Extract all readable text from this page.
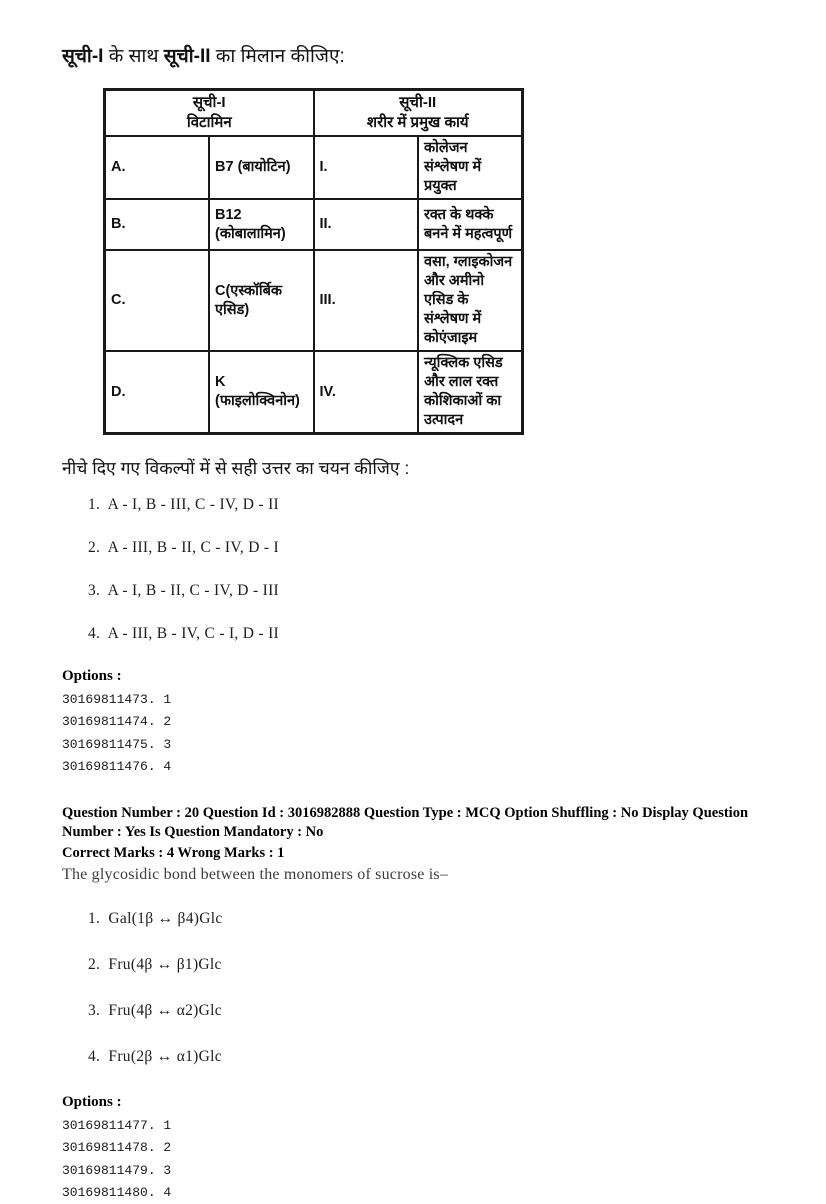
सूची-I के साथ सूची-II का मिलान कीजिए:
सूची-I
विटामिन

सूची-II
शरीर में प्रमुख कार्य

A.	B7 (बायोटिन)	I.	कोलेजन संश्लेषण में प्रयुक्त
B.	B12 (कोबालामिन)	II.	रक्त के थक्के बनने में महत्वपूर्ण
C.	C(एस्कॉर्बिक एसिड)	III.	वसा, ग्लाइकोजन और अमीनो एसिड के संश्लेषण में कोएंजाइम
D.	K (फाइलोक्विनोन)	IV.	न्यूक्लिक एसिड और लाल रक्त कोशिकाओं का उत्पादन
नीचे दिए गए विकल्पों में से सही उत्तर का चयन कीजिए :
1. A - I, B - III, C - IV, D - II
2. A - III, B - II, C - IV, D - I
3. A - I, B - II, C - IV, D - III
4. A - III, B - IV, C - I, D - II
Options :
30169811473. 1
30169811474. 2
30169811475. 3
30169811476. 4
Question Number : 20 Question Id : 3016982888 Question Type : MCQ Option Shuffling : No Display Question
Number : Yes Is Question Mandatory : No
Correct Marks : 4 Wrong Marks : 1
The glycosidic bond between the monomers of sucrose is–
1. Gal(1β ↔ β4)Glc
2. Fru(4β ↔ β1)Glc
3. Fru(4β ↔ α2)Glc
4. Fru(2β ↔ α1)Glc
Options :
30169811477. 1
30169811478. 2
30169811479. 3
30169811480. 4
